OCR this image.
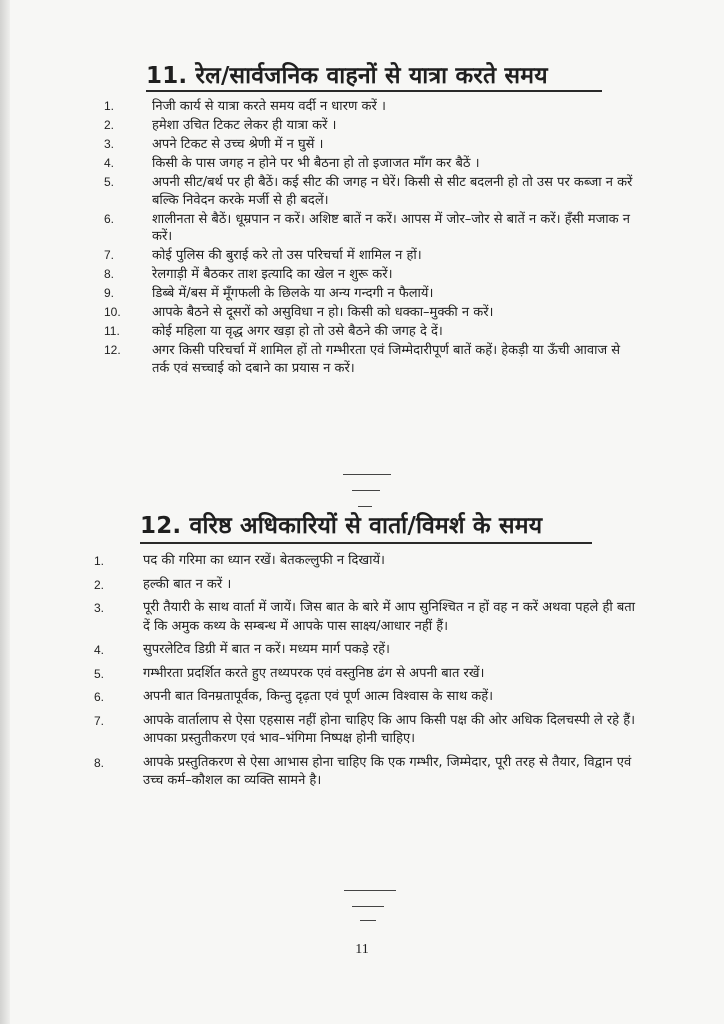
11. रेल/सार्वजनिक वाहनों से यात्रा करते समय
1.	निजी कार्य से यात्रा करते समय वर्दी न धारण करें ।
2.	हमेशा उचित टिकट लेकर ही यात्रा करें ।
3.	अपने टिकट से उच्च श्रेणी में न घुसें ।
4.	किसी के पास जगह न होने पर भी बैठना हो तो इजाजत माँग कर बैठें ।
5.	अपनी सीट/बर्थ पर ही बैठें। कई सीट की जगह न घेरें। किसी से सीट बदलनी हो तो उस पर कब्जा न करें बल्कि निवेदन करके मर्जी से ही बदलें।
6.	शालीनता से बैठें। धूम्रपान न करें। अशिष्ट बातें न करें। आपस में जोर–जोर से बातें न करें। हँसी मजाक न करें।
7.	कोई पुलिस की बुराई करे तो उस परिचर्चा में शामिल न हों।
8.	रेलगाड़ी में बैठकर ताश इत्यादि का खेल न शुरू करें।
9.	डिब्बे में/बस में मूँगफली के छिलके या अन्य गन्दगी न फैलायें।
10.	आपके बैठने से दूसरों को असुविधा न हो। किसी को धक्का–मुक्की न करें।
11.	कोई महिला या वृद्ध अगर खड़ा हो तो उसे बैठने की जगह दे दें।
12.	अगर किसी परिचर्चा में शामिल हों तो गम्भीरता एवं जिम्मेदारीपूर्ण बातें कहें। हेकड़ी या ऊँची आवाज से तर्क एवं सच्चाई को दबाने का प्रयास न करें।
12. वरिष्ठ अधिकारियों से वार्ता/विमर्श के समय
1.	पद की गरिमा का ध्यान रखें। बेतकल्लुफी न दिखायें।
2.	हल्की बात न करें ।
3.	पूरी तैयारी के साथ वार्ता में जायें। जिस बात के बारे में आप सुनिश्चित न हों वह न करें अथवा पहले ही बता दें कि अमुक कथ्य के सम्बन्ध में आपके पास साक्ष्य/आधार नहीं हैं।
4.	सुपरलेटिव डिग्री में बात न करें। मध्यम मार्ग पकड़े रहें।
5.	गम्भीरता प्रदर्शित करते हुए तथ्यपरक एवं वस्तुनिष्ठ ढंग से अपनी बात रखें।
6.	अपनी बात विनम्रतापूर्वक, किन्तु दृढ़ता एवं पूर्ण आत्म विश्वास के साथ कहें।
7.	आपके वार्तालाप से ऐसा एहसास नहीं होना चाहिए कि आप किसी पक्ष की ओर अधिक दिलचस्पी ले रहे हैं। आपका प्रस्तुतीकरण एवं भाव–भंगिमा निष्पक्ष होनी चाहिए।
8.	आपके प्रस्तुतिकरण से ऐसा आभास होना चाहिए कि एक गम्भीर, जिम्मेदार, पूरी तरह से तैयार, विद्वान एवं उच्च कर्म–कौशल का व्यक्ति सामने है।
11
